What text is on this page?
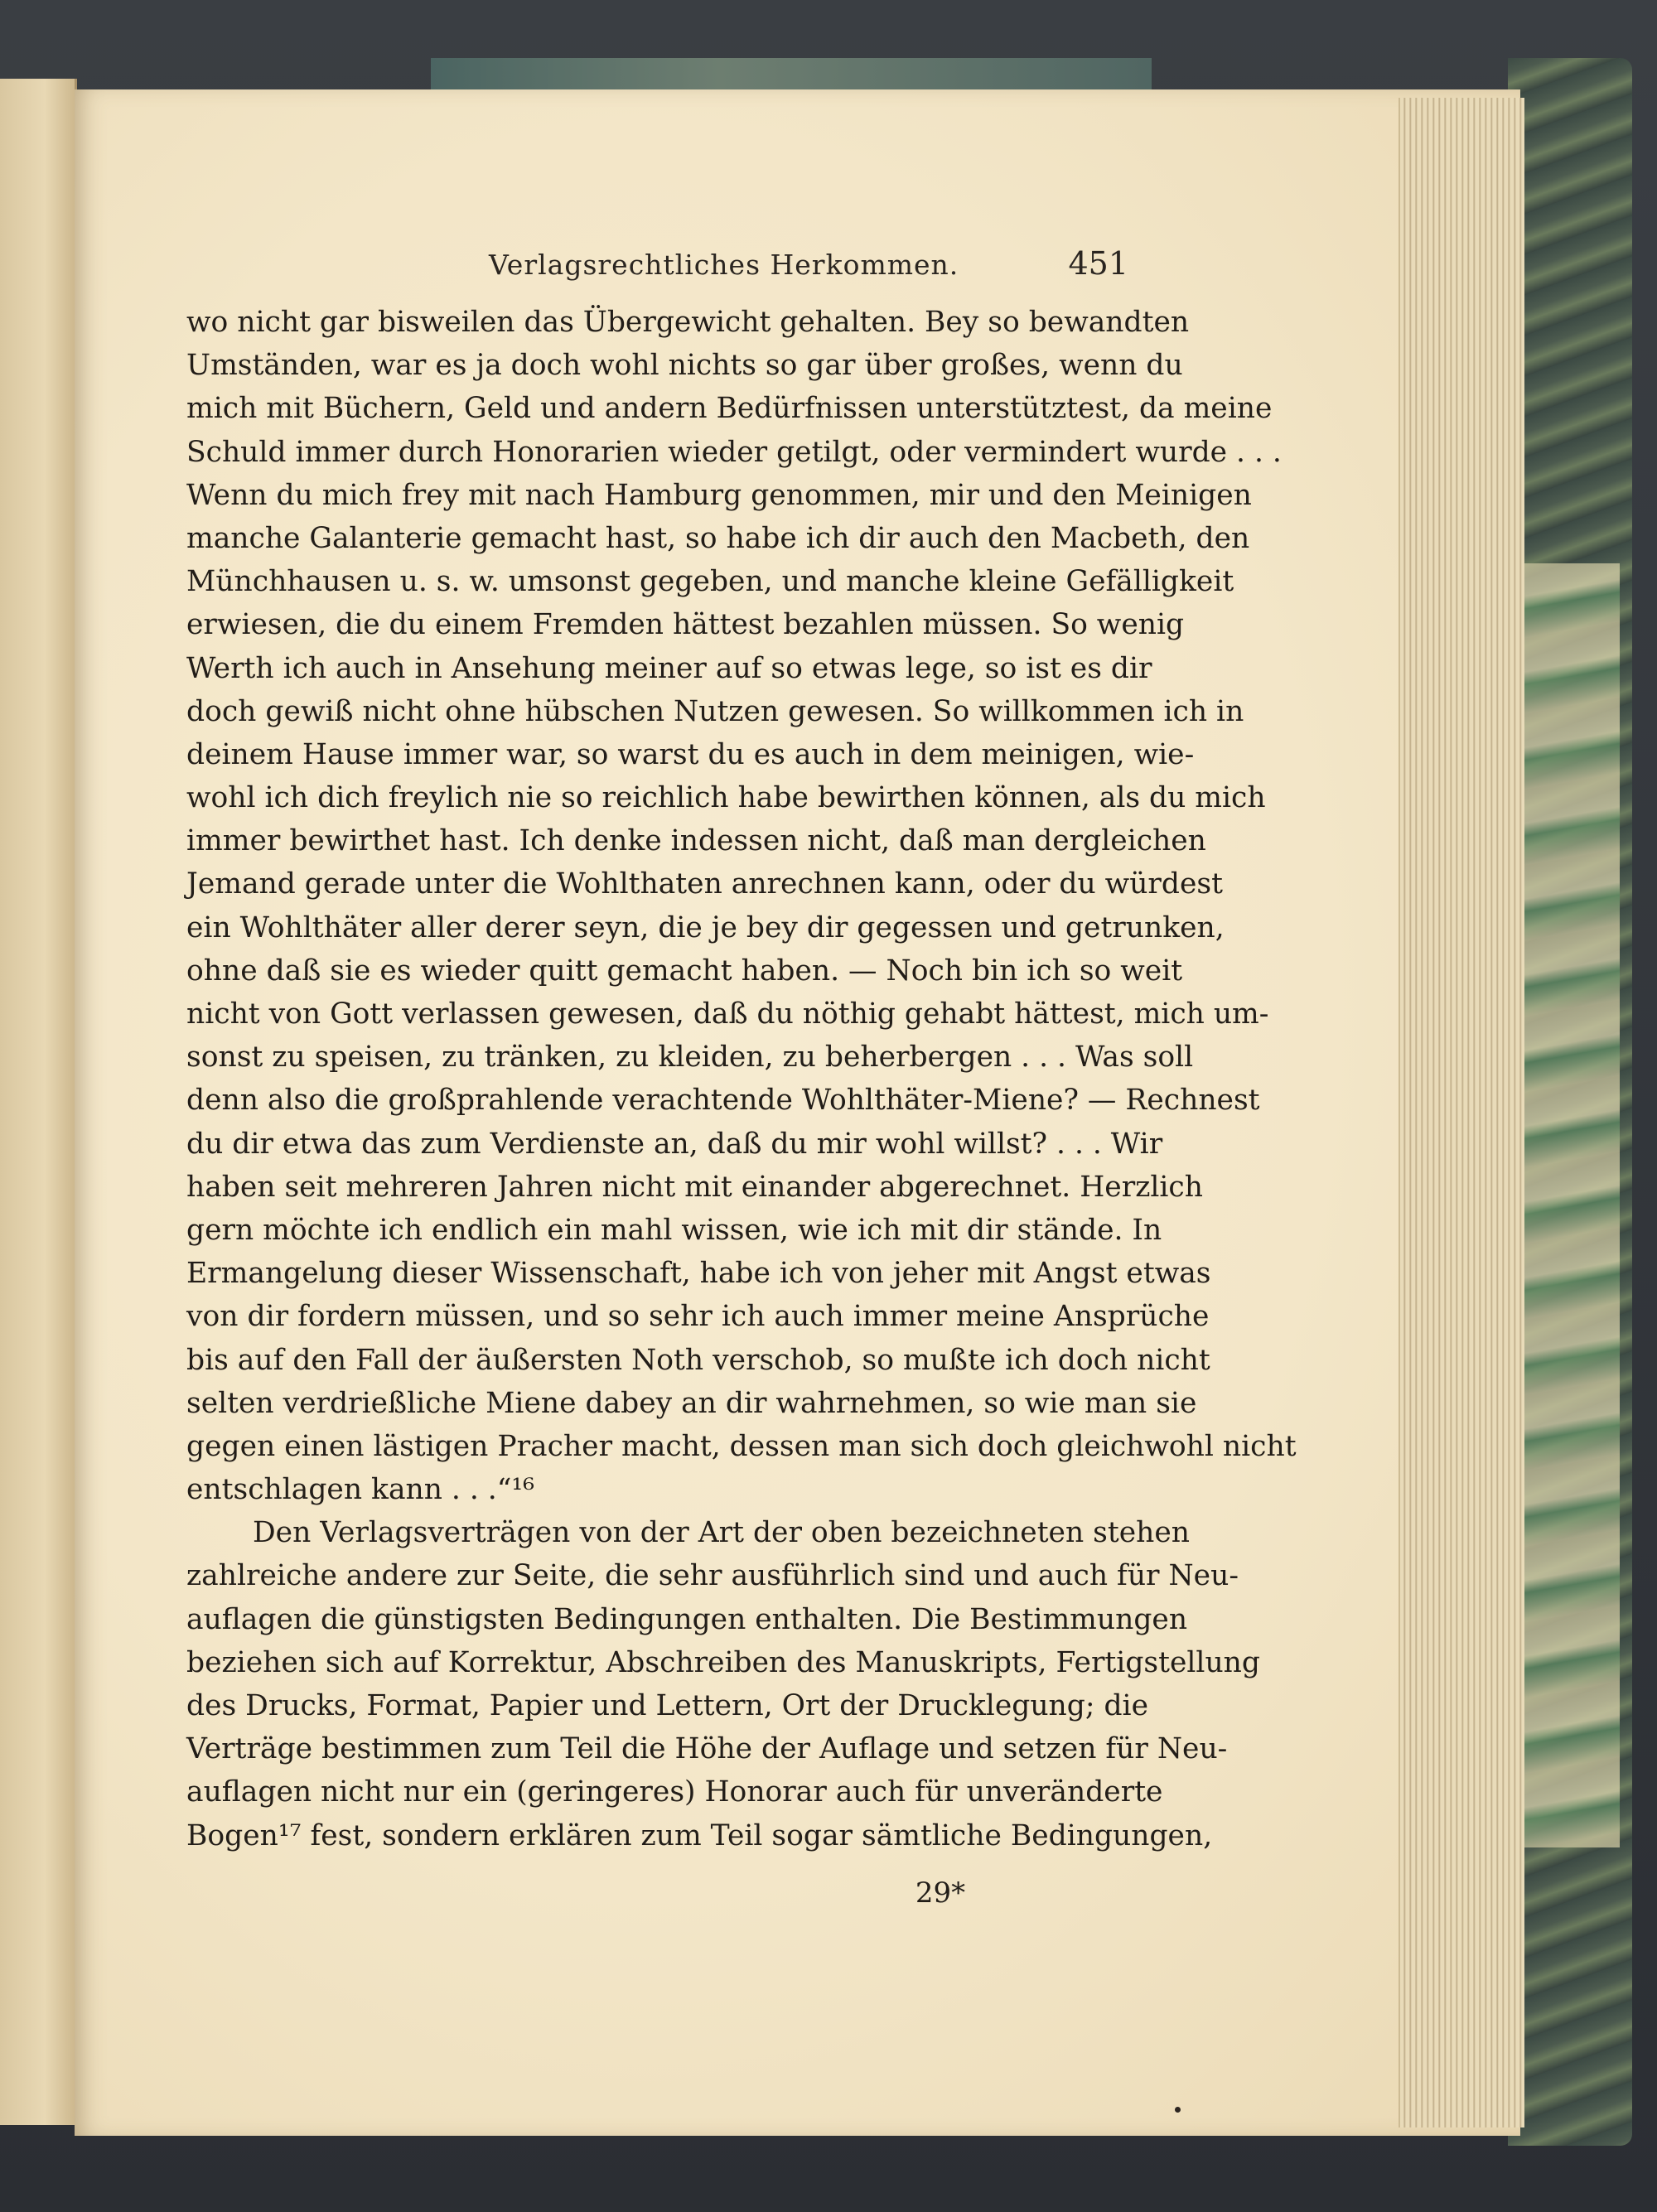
Verlagsrechtliches Herkommen.	451
wo nicht gar bisweilen das Übergewicht gehalten. Bey so bewandten
Umständen, war es ja doch wohl nichts so gar über großes, wenn du
mich mit Büchern, Geld und andern Bedürfnissen unterstütztest, da meine
Schuld immer durch Honorarien wieder getilgt, oder vermindert wurde . . .
Wenn du mich frey mit nach Hamburg genommen, mir und den Meinigen
manche Galanterie gemacht hast, so habe ich dir auch den Macbeth, den
Münchhausen u. s. w. umsonst gegeben, und manche kleine Gefälligkeit
erwiesen, die du einem Fremden hättest bezahlen müssen. So wenig
Werth ich auch in Ansehung meiner auf so etwas lege, so ist es dir
doch gewiß nicht ohne hübschen Nutzen gewesen. So willkommen ich in
deinem Hause immer war, so warst du es auch in dem meinigen, wie-
wohl ich dich freylich nie so reichlich habe bewirthen können, als du mich
immer bewirthet hast. Ich denke indessen nicht, daß man dergleichen
Jemand gerade unter die Wohlthaten anrechnen kann, oder du würdest
ein Wohlthäter aller derer seyn, die je bey dir gegessen und getrunken,
ohne daß sie es wieder quitt gemacht haben. — Noch bin ich so weit
nicht von Gott verlassen gewesen, daß du nöthig gehabt hättest, mich um-
sonst zu speisen, zu tränken, zu kleiden, zu beherbergen . . . Was soll
denn also die großprahlende verachtende Wohlthäter-Miene? — Rechnest
du dir etwa das zum Verdienste an, daß du mir wohl willst? . . . Wir
haben seit mehreren Jahren nicht mit einander abgerechnet. Herzlich
gern möchte ich endlich ein mahl wissen, wie ich mit dir stände. In
Ermangelung dieser Wissenschaft, habe ich von jeher mit Angst etwas
von dir fordern müssen, und so sehr ich auch immer meine Ansprüche
bis auf den Fall der äußersten Noth verschob, so mußte ich doch nicht
selten verdrießliche Miene dabey an dir wahrnehmen, so wie man sie
gegen einen lästigen Pracher macht, dessen man sich doch gleichwohl nicht
entschlagen kann . . .“¹⁶
Den Verlagsverträgen von der Art der oben bezeichneten stehen
zahlreiche andere zur Seite, die sehr ausführlich sind und auch für Neu-
auflagen die günstigsten Bedingungen enthalten. Die Bestimmungen
beziehen sich auf Korrektur, Abschreiben des Manuskripts, Fertigstellung
des Drucks, Format, Papier und Lettern, Ort der Drucklegung; die
Verträge bestimmen zum Teil die Höhe der Auflage und setzen für Neu-
auflagen nicht nur ein (geringeres) Honorar auch für unveränderte
Bogen¹⁷ fest, sondern erklären zum Teil sogar sämtliche Bedingungen,
29*
